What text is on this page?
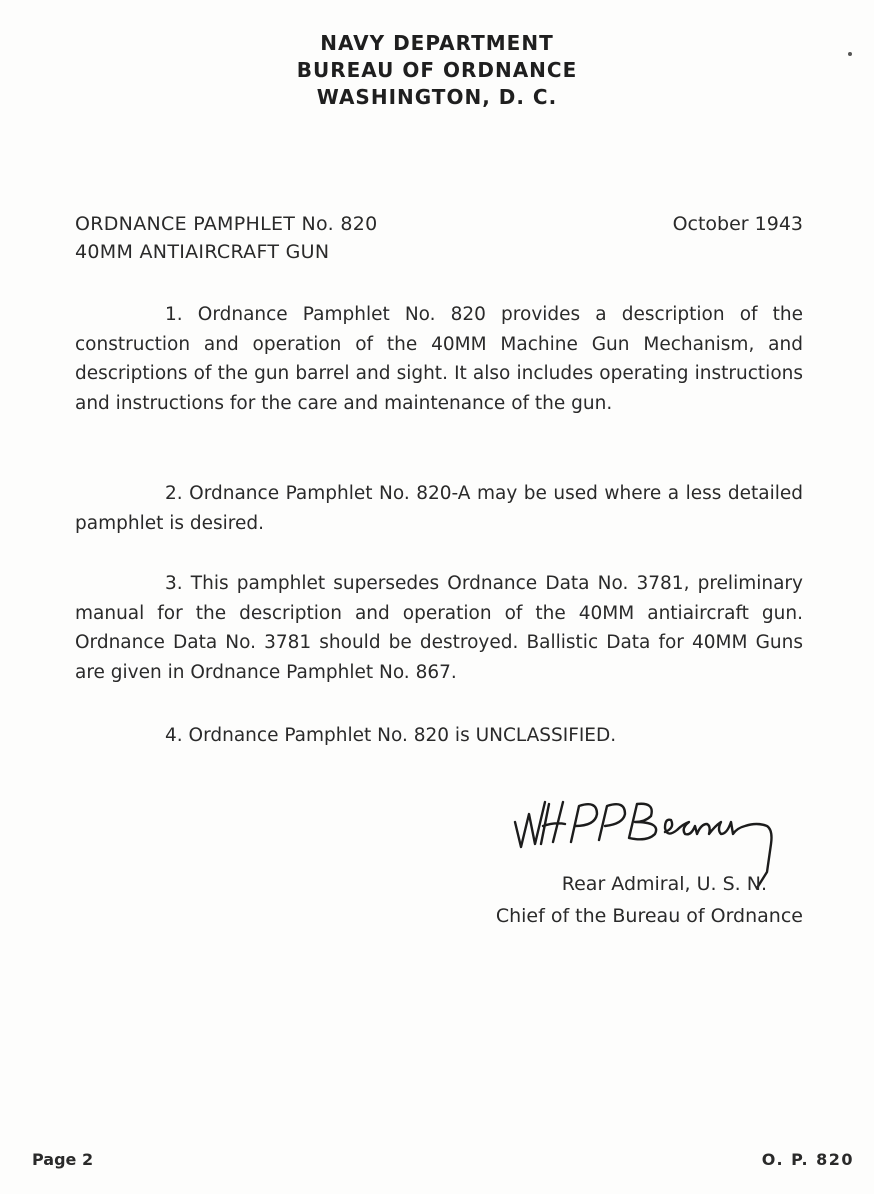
NAVY DEPARTMENT
BUREAU OF ORDNANCE
WASHINGTON, D. C.
ORDNANCE PAMPHLET No. 820
40MM ANTIAIRCRAFT GUN
October 1943
1. Ordnance Pamphlet No. 820 provides a description of the construction and operation of the 40MM Machine Gun Mechanism, and descriptions of the gun barrel and sight. It also includes operating instructions and instructions for the care and maintenance of the gun.
2. Ordnance Pamphlet No. 820-A may be used where a less detailed pamphlet is desired.
3. This pamphlet supersedes Ordnance Data No. 3781, preliminary manual for the description and operation of the 40MM antiaircraft gun. Ordnance Data No. 3781 should be destroyed. Ballistic Data for 40MM Guns are given in Ordnance Pamphlet No. 867.
4. Ordnance Pamphlet No. 820 is UNCLASSIFIED.
Rear Admiral, U. S. N.
Chief of the Bureau of Ordnance
Page 2	O. P. 820
